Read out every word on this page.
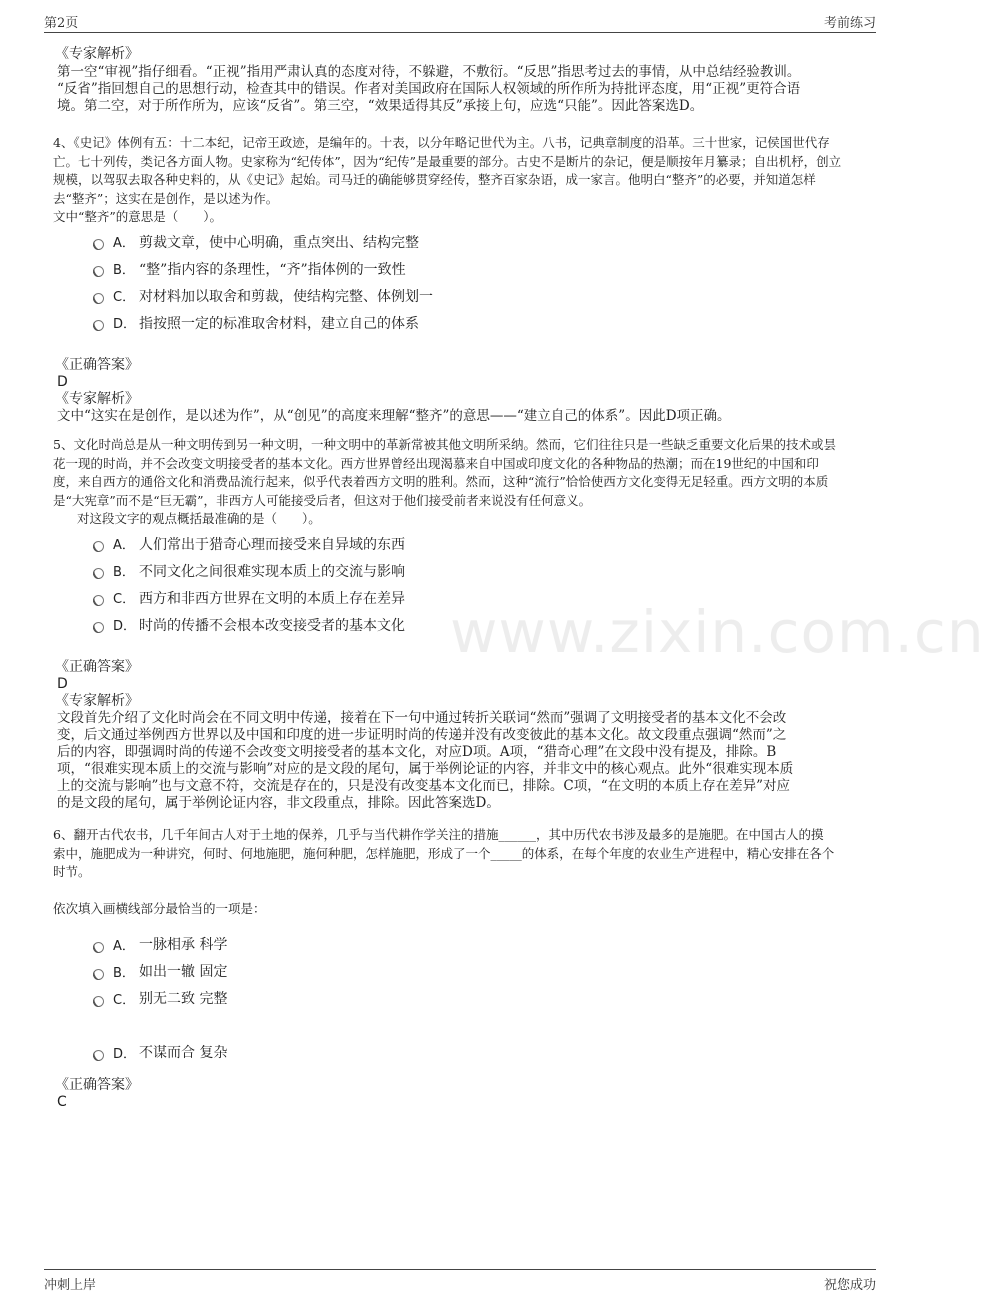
第2页	考前练习
www.zixin.com.cn
《专家解析》
第一空“审视”指仔细看。“正视”指用严肃认真的态度对待，不躲避，不敷衍。“反思”指思考过去的事情，从中总结经验教训。
“反省”指回想自己的思想行动，检查其中的错误。作者对美国政府在国际人权领域的所作所为持批评态度，用“正视”更符合语
境。第二空，对于所作所为，应该“反省”。第三空，“效果适得其反”承接上句，应选“只能”。因此答案选D。
4、《史记》体例有五：十二本纪，记帝王政迹，是编年的。十表，以分年略记世代为主。八书，记典章制度的沿革。三十世家，记侯国世代存
亡。七十列传，类记各方面人物。史家称为“纪传体”，因为“纪传”是最重要的部分。古史不是断片的杂记，便是顺按年月纂录；自出机杼，创立
规模，以驾驭去取各种史料的，从《史记》起始。司马迁的确能够贯穿经传，整齐百家杂语，成一家言。他明白“整齐”的必要，并知道怎样
去“整齐”；这实在是创作，是以述为作。
文中“整齐”的意思是（　　）。
A． 剪裁文章，使中心明确，重点突出、结构完整
B． “整”指内容的条理性，“齐”指体例的一致性
C． 对材料加以取舍和剪裁，使结构完整、体例划一
D． 指按照一定的标准取舍材料，建立自己的体系
《正确答案》
D
《专家解析》
文中“这实在是创作，是以述为作”，从“创见”的高度来理解“整齐”的意思——“建立自己的体系”。因此D项正确。
5、文化时尚总是从一种文明传到另一种文明，一种文明中的革新常被其他文明所采纳。然而，它们往往只是一些缺乏重要文化后果的技术或昙
花一现的时尚，并不会改变文明接受者的基本文化。西方世界曾经出现渴慕来自中国或印度文化的各种物品的热潮；而在19世纪的中国和印
度，来自西方的通俗文化和消费品流行起来，似乎代表着西方文明的胜利。然而，这种“流行”恰恰使西方文化变得无足轻重。西方文明的本质
是“大宪章”而不是“巨无霸”，非西方人可能接受后者，但这对于他们接受前者来说没有任何意义。
对这段文字的观点概括最准确的是（　　）。
A． 人们常出于猎奇心理而接受来自异域的东西
B． 不同文化之间很难实现本质上的交流与影响
C． 西方和非西方世界在文明的本质上存在差异
D． 时尚的传播不会根本改变接受者的基本文化
《正确答案》
D
《专家解析》
文段首先介绍了文化时尚会在不同文明中传递，接着在下一句中通过转折关联词“然而”强调了文明接受者的基本文化不会改
变，后文通过举例西方世界以及中国和印度的进一步证明时尚的传递并没有改变彼此的基本文化。故文段重点强调“然而”之
后的内容，即强调时尚的传递不会改变文明接受者的基本文化，对应D项。A项，“猎奇心理”在文段中没有提及，排除。B
项，“很难实现本质上的交流与影响”对应的是文段的尾句，属于举例论证的内容，并非文中的核心观点。此外“很难实现本质
上的交流与影响”也与文意不符，交流是存在的，只是没有改变基本文化而已，排除。C项，“在文明的本质上存在差异”对应
的是文段的尾句，属于举例论证内容，非文段重点，排除。因此答案选D。
6、翻开古代农书，几千年间古人对于土地的保养，几乎与当代耕作学关注的措施______，其中历代农书涉及最多的是施肥。在中国古人的摸
索中，施肥成为一种讲究，何时、何地施肥，施何种肥，怎样施肥，形成了一个_____的体系，在每个年度的农业生产进程中，精心安排在各个
时节。
依次填入画横线部分最恰当的一项是：
A． 一脉相承 科学
B． 如出一辙 固定
C． 别无二致 完整
D． 不谋而合 复杂
《正确答案》
C
冲刺上岸	祝您成功
